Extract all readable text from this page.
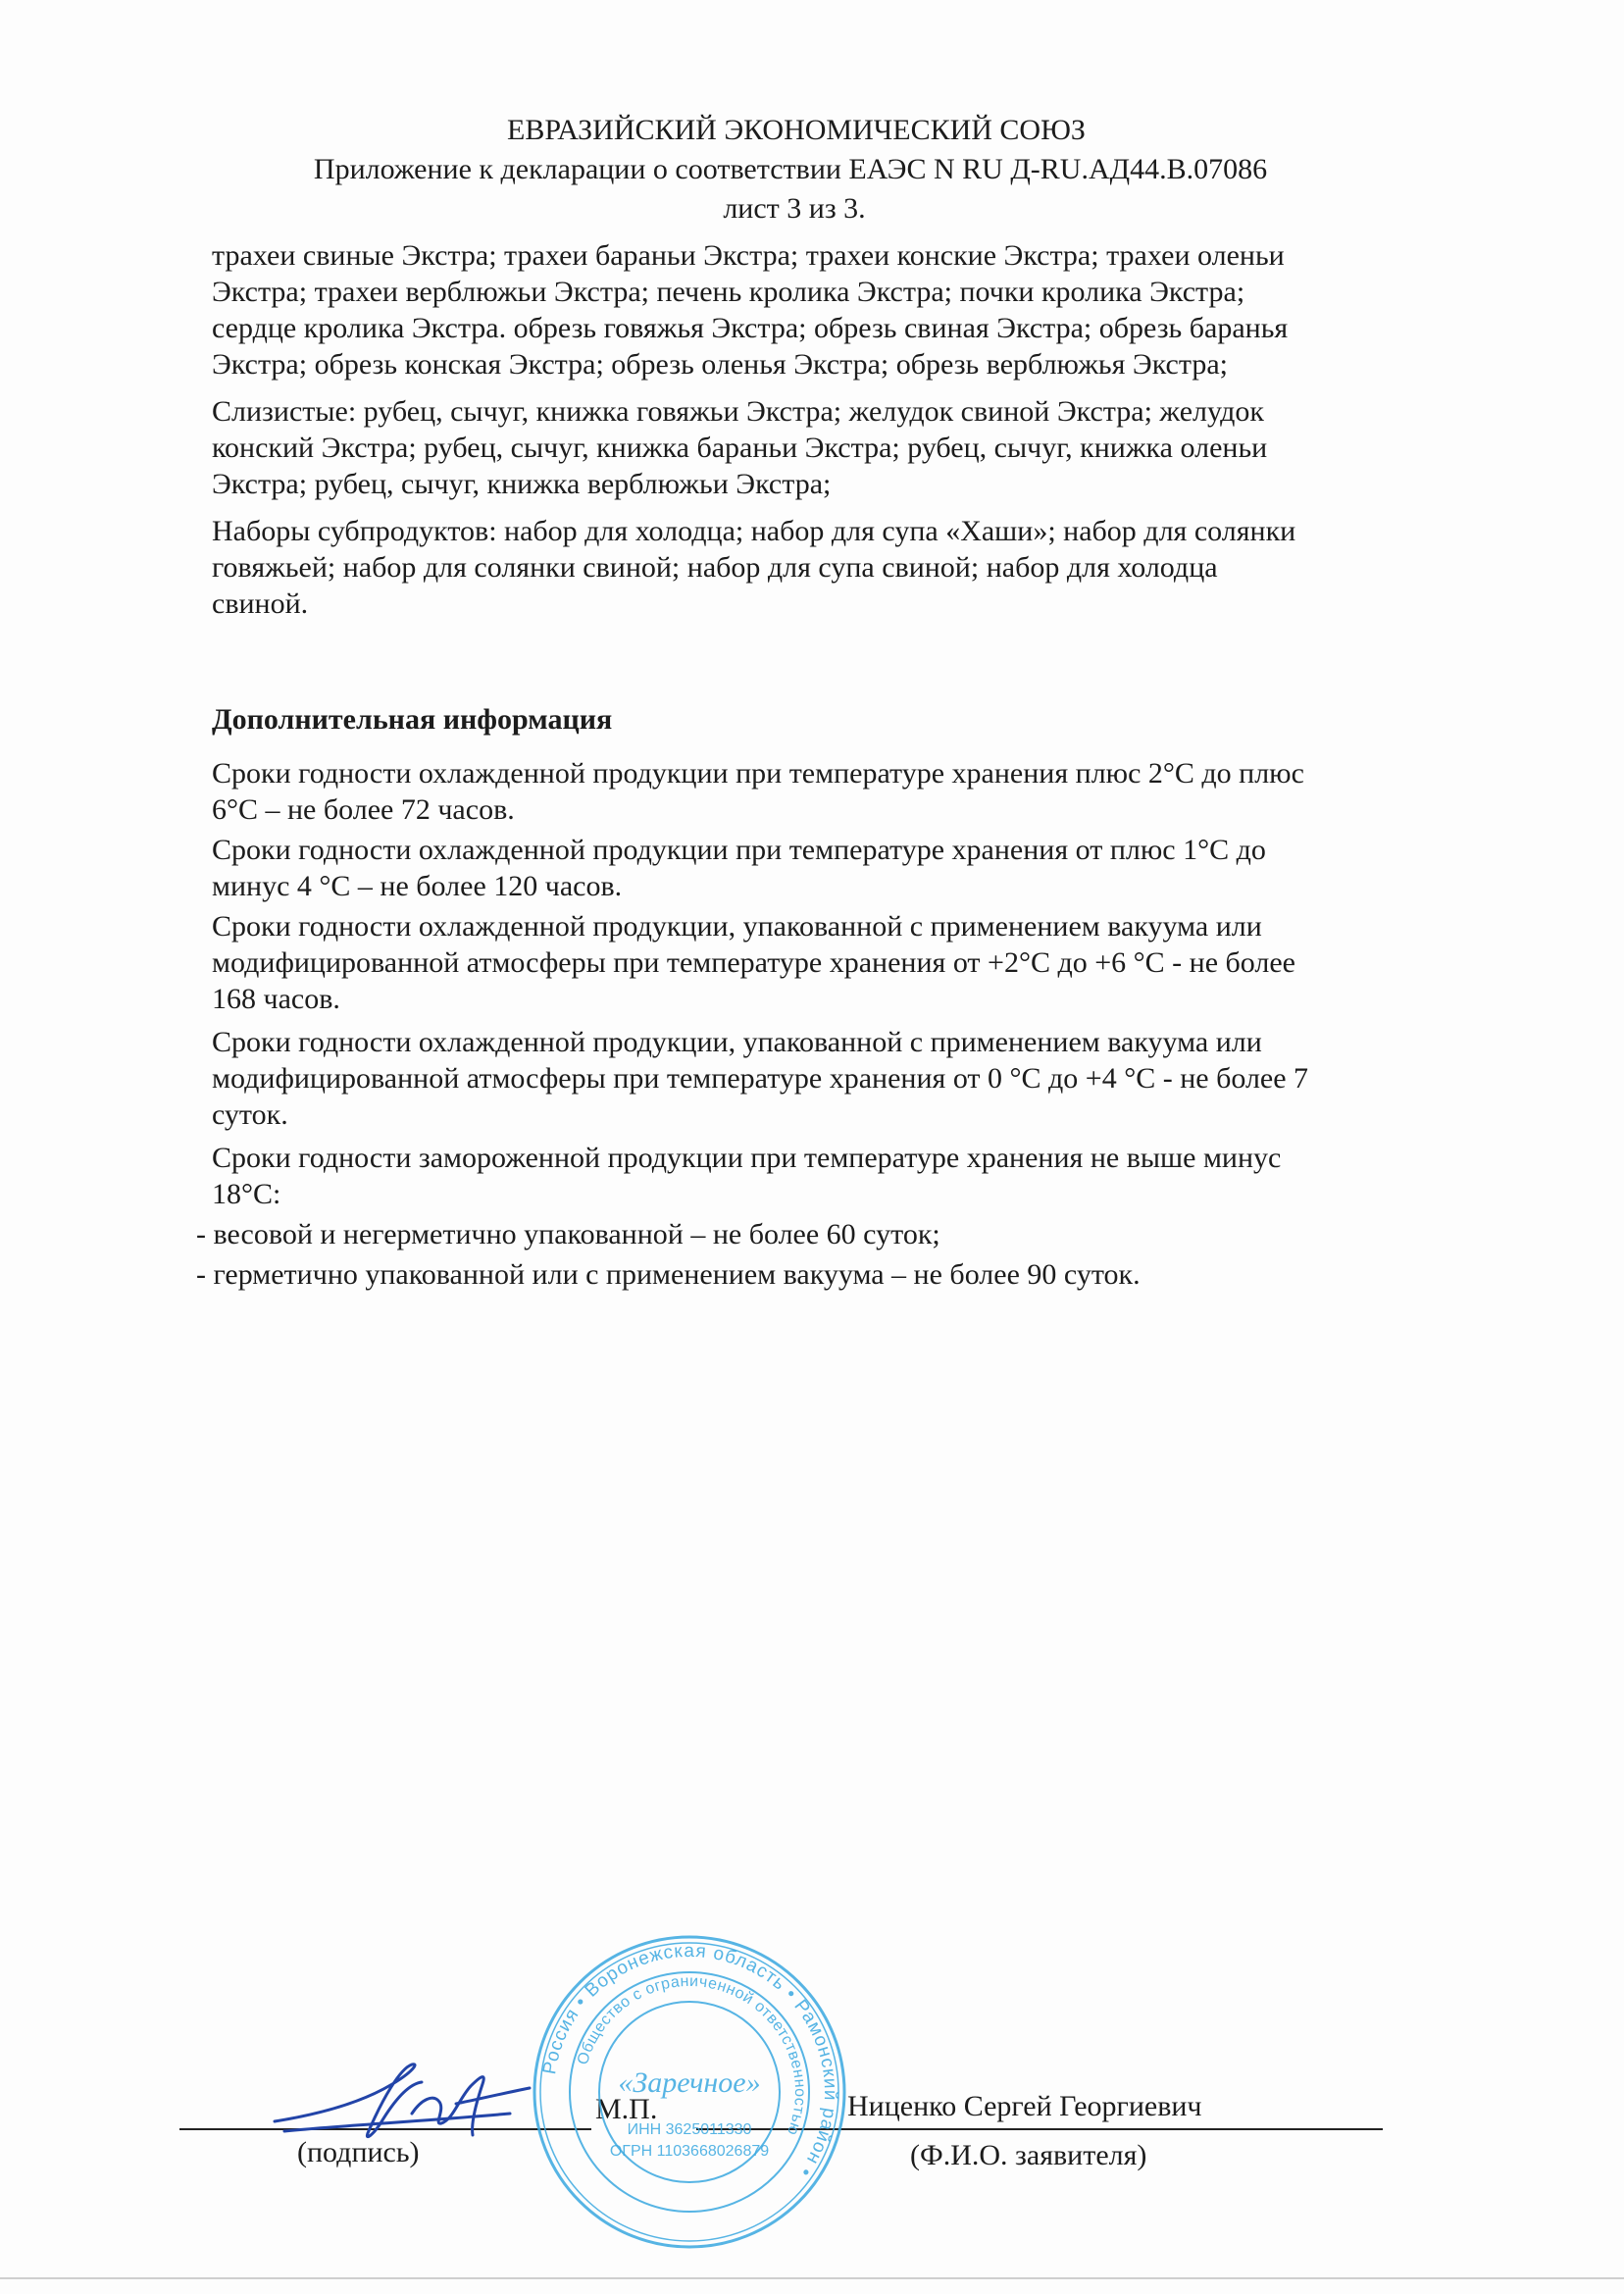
ЕВРАЗИЙСКИЙ ЭКОНОМИЧЕСКИЙ СОЮЗ
Приложение к декларации о соответствии ЕАЭС N RU Д-RU.АД44.В.07086
лист 3 из 3.
трахеи свиные Экстра; трахеи бараньи Экстра; трахеи конские Экстра; трахеи оленьи
Экстра; трахеи верблюжьи Экстра; печень кролика Экстра; почки кролика Экстра;
сердце кролика Экстра. обрезь говяжья Экстра; обрезь свиная Экстра; обрезь баранья
Экстра; обрезь конская Экстра; обрезь оленья Экстра; обрезь верблюжья Экстра;
Слизистые: рубец, сычуг, книжка говяжьи Экстра; желудок свиной Экстра; желудок
конский Экстра; рубец, сычуг, книжка бараньи Экстра; рубец, сычуг, книжка оленьи
Экстра; рубец, сычуг, книжка верблюжьи Экстра;
Наборы субпродуктов: набор для холодца; набор для супа «Хаши»; набор для солянки
говяжьей; набор для солянки свиной; набор для супа свиной; набор для холодца
свиной.
Дополнительная информация
Сроки годности охлажденной продукции при температуре хранения плюс 2°С до плюс
6°С – не более 72 часов.
Сроки годности охлажденной продукции при температуре хранения от плюс 1°С до
минус 4 °С – не более 120 часов.
Сроки годности охлажденной продукции, упакованной с применением вакуума или
модифицированной атмосферы при температуре хранения от +2°С до +6 °С - не более
168 часов.
Сроки годности охлажденной продукции, упакованной с применением вакуума или
модифицированной атмосферы при температуре хранения от 0 °С до +4 °С - не более 7
суток.
Сроки годности замороженной продукции при температуре хранения не выше минус
18°С:
- весовой и негерметично упакованной – не более 60 суток;
- герметично упакованной или с применением вакуума – не более 90 суток.
(подпись)
М.П.	Ниценко Сергей Георгиевич
(Ф.И.О. заявителя)
Россия • Воронежская область • Рамонский район •
Общество с ограниченной ответственностью
«Заречное»
ИНН 3625011330
ОГРН 1103668026879
